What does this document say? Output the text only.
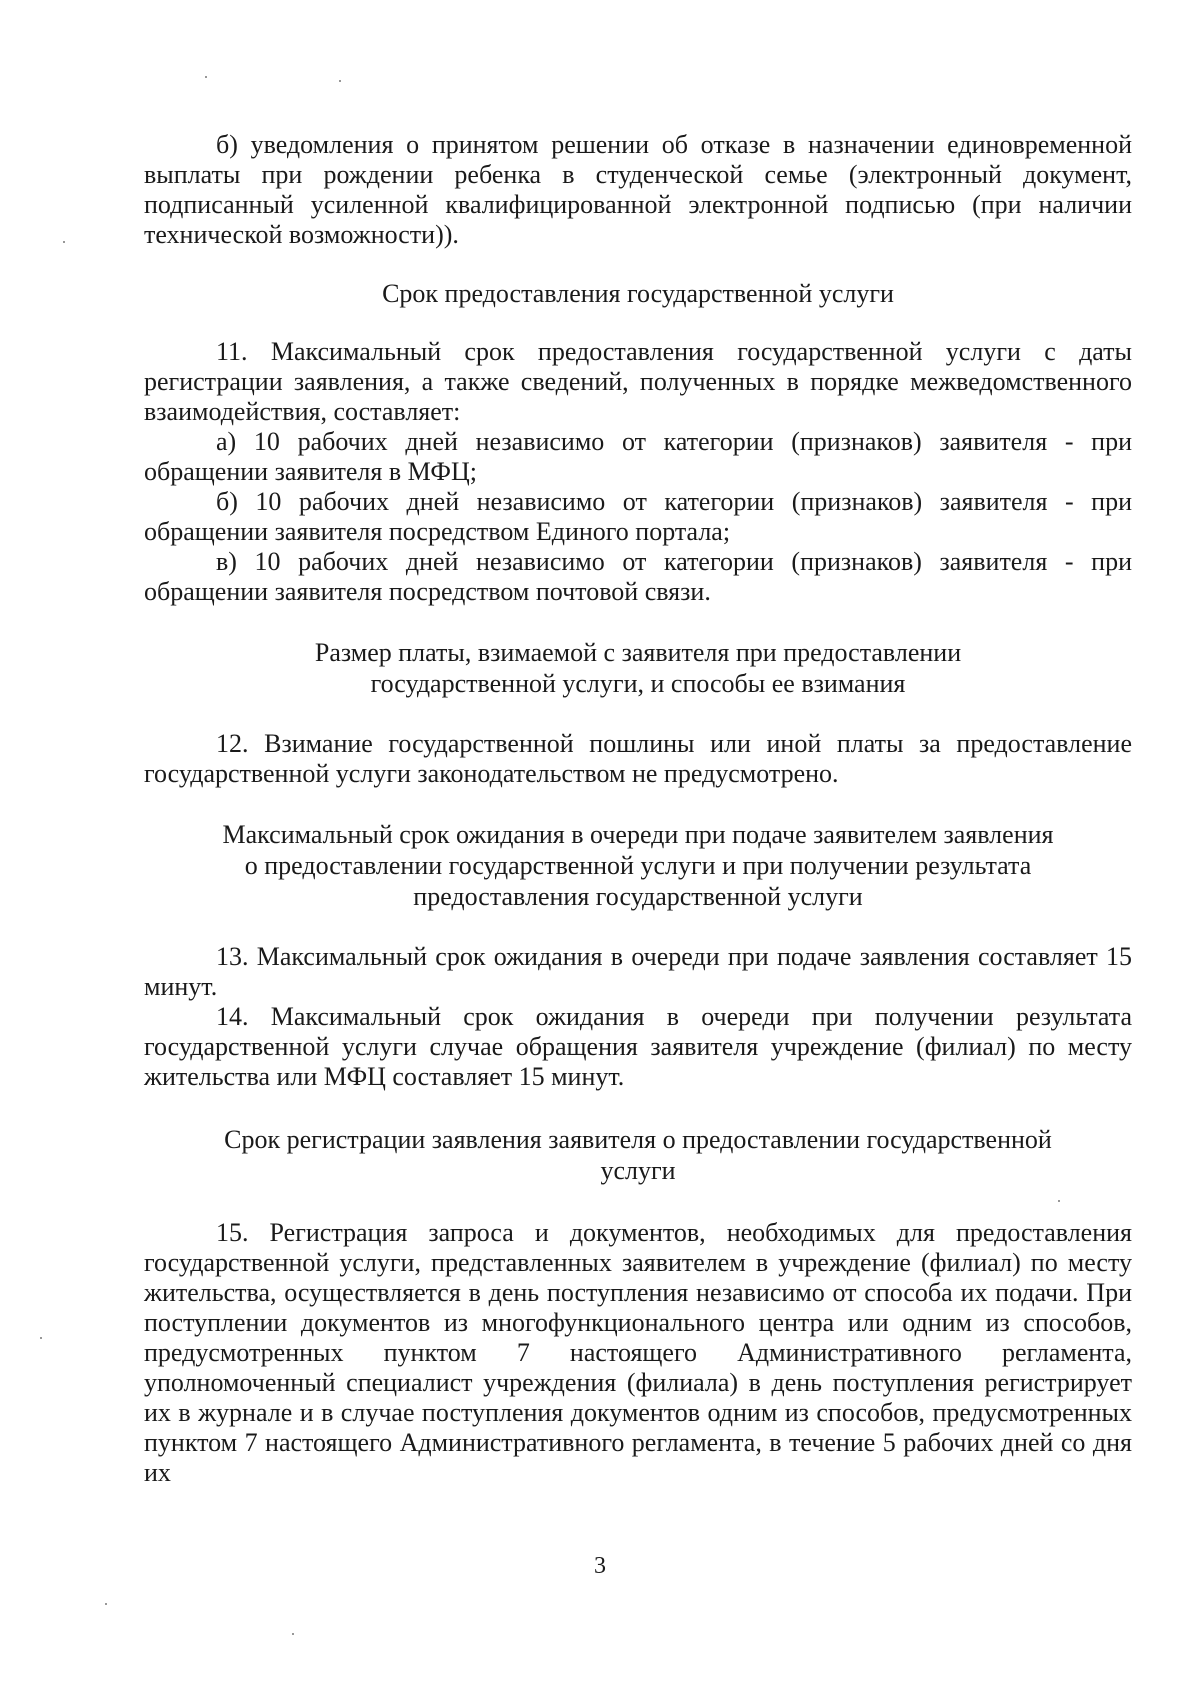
б) уведомления о принятом решении об отказе в назначении единовременной выплаты при рождении ребенка в студенческой семье (электронный документ, подписанный усиленной квалифицированной электронной подписью (при наличии технической возможности)).

Срок предоставления государственной услуги

11. Максимальный срок предоставления государственной услуги с даты регистрации заявления, а также сведений, полученных в порядке межведомственного взаимодействия, составляет:

а) 10 рабочих дней независимо от категории (признаков) заявителя - при обращении заявителя в МФЦ;

б) 10 рабочих дней независимо от категории (признаков) заявителя - при обращении заявителя посредством Единого портала;

в) 10 рабочих дней независимо от категории (признаков) заявителя - при обращении заявителя посредством почтовой связи.

Размер платы, взимаемой с заявителя при предоставлении
государственной услуги, и способы ее взимания

12. Взимание государственной пошлины или иной платы за предоставление государственной услуги законодательством не предусмотрено.

Максимальный срок ожидания в очереди при подаче заявителем заявления
о предоставлении государственной услуги и при получении результата
предоставления государственной услуги

13. Максимальный срок ожидания в очереди при подаче заявления составляет 15 минут.

14. Максимальный срок ожидания в очереди при получении результата государственной услуги случае обращения заявителя учреждение (филиал) по месту жительства или МФЦ составляет 15 минут.

Срок регистрации заявления заявителя о предоставлении государственной
услуги

15. Регистрация запроса и документов, необходимых для предоставления государственной услуги, представленных заявителем в учреждение (филиал) по месту жительства, осуществляется в день поступления независимо от способа их подачи. При поступлении документов из многофункционального центра или одним из способов, предусмотренных пунктом 7 настоящего Административного регламента, уполномоченный специалист учреждения (филиала) в день поступления регистрирует их в журнале и в случае поступления документов одним из способов, предусмотренных пунктом 7 настоящего Административного регламента, в течение 5 рабочих дней со дня их

3
